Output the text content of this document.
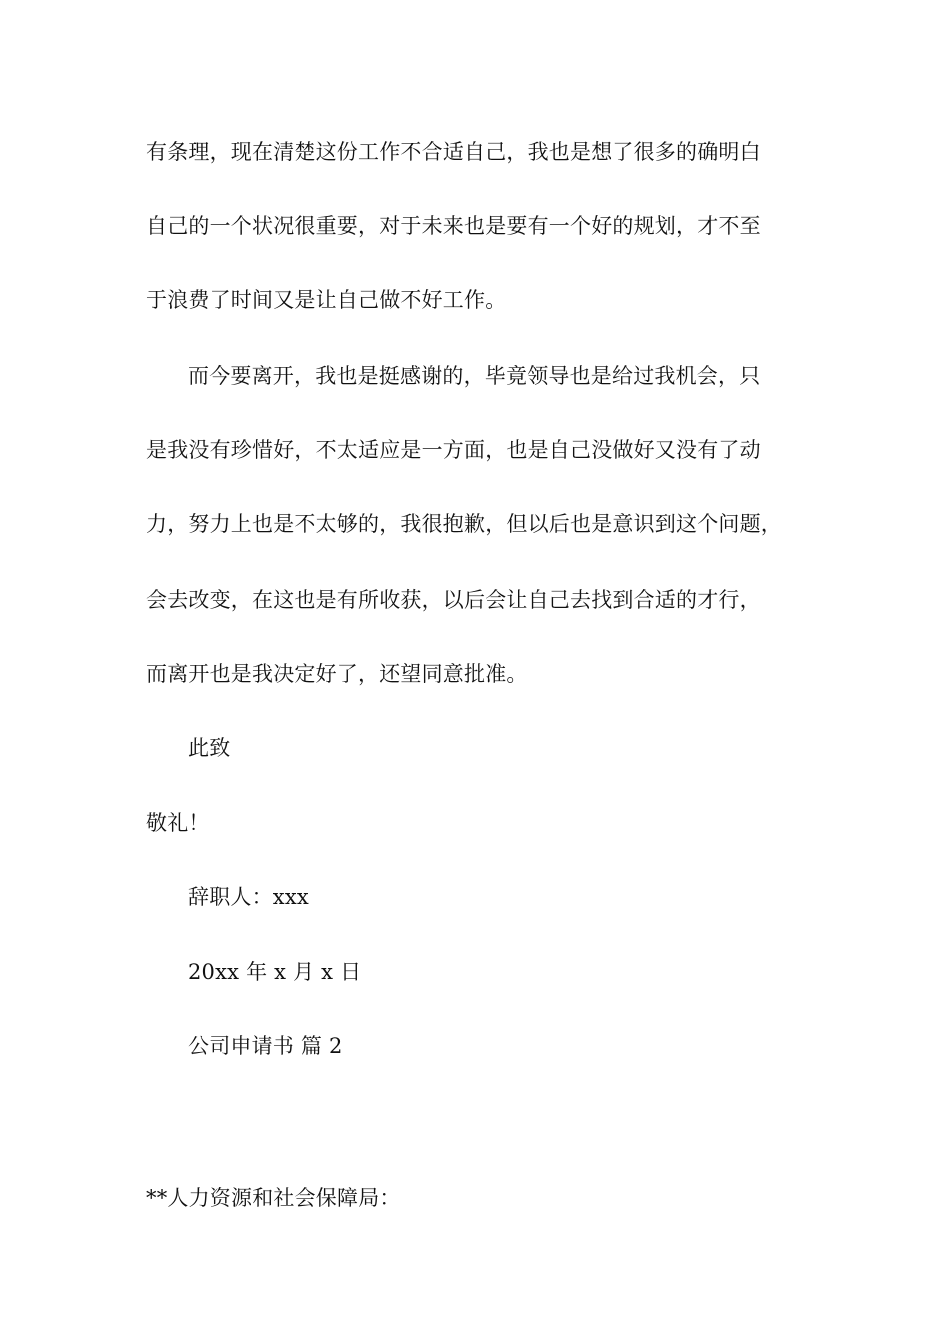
有条理，现在清楚这份工作不合适自己，我也是想了很多的确明白
自己的一个状况很重要，对于未来也是要有一个好的规划，才不至
于浪费了时间又是让自己做不好工作。
而今要离开，我也是挺感谢的，毕竟领导也是给过我机会，只
是我没有珍惜好，不太适应是一方面，也是自己没做好又没有了动
力，努力上也是不太够的，我很抱歉，但以后也是意识到这个问题，
会去改变，在这也是有所收获，以后会让自己去找到合适的才行，
而离开也是我决定好了，还望同意批准。
此致
敬礼！
辞职人：xxx
20xx 年 x 月 x 日
公司申请书 篇 2
**人力资源和社会保障局：
